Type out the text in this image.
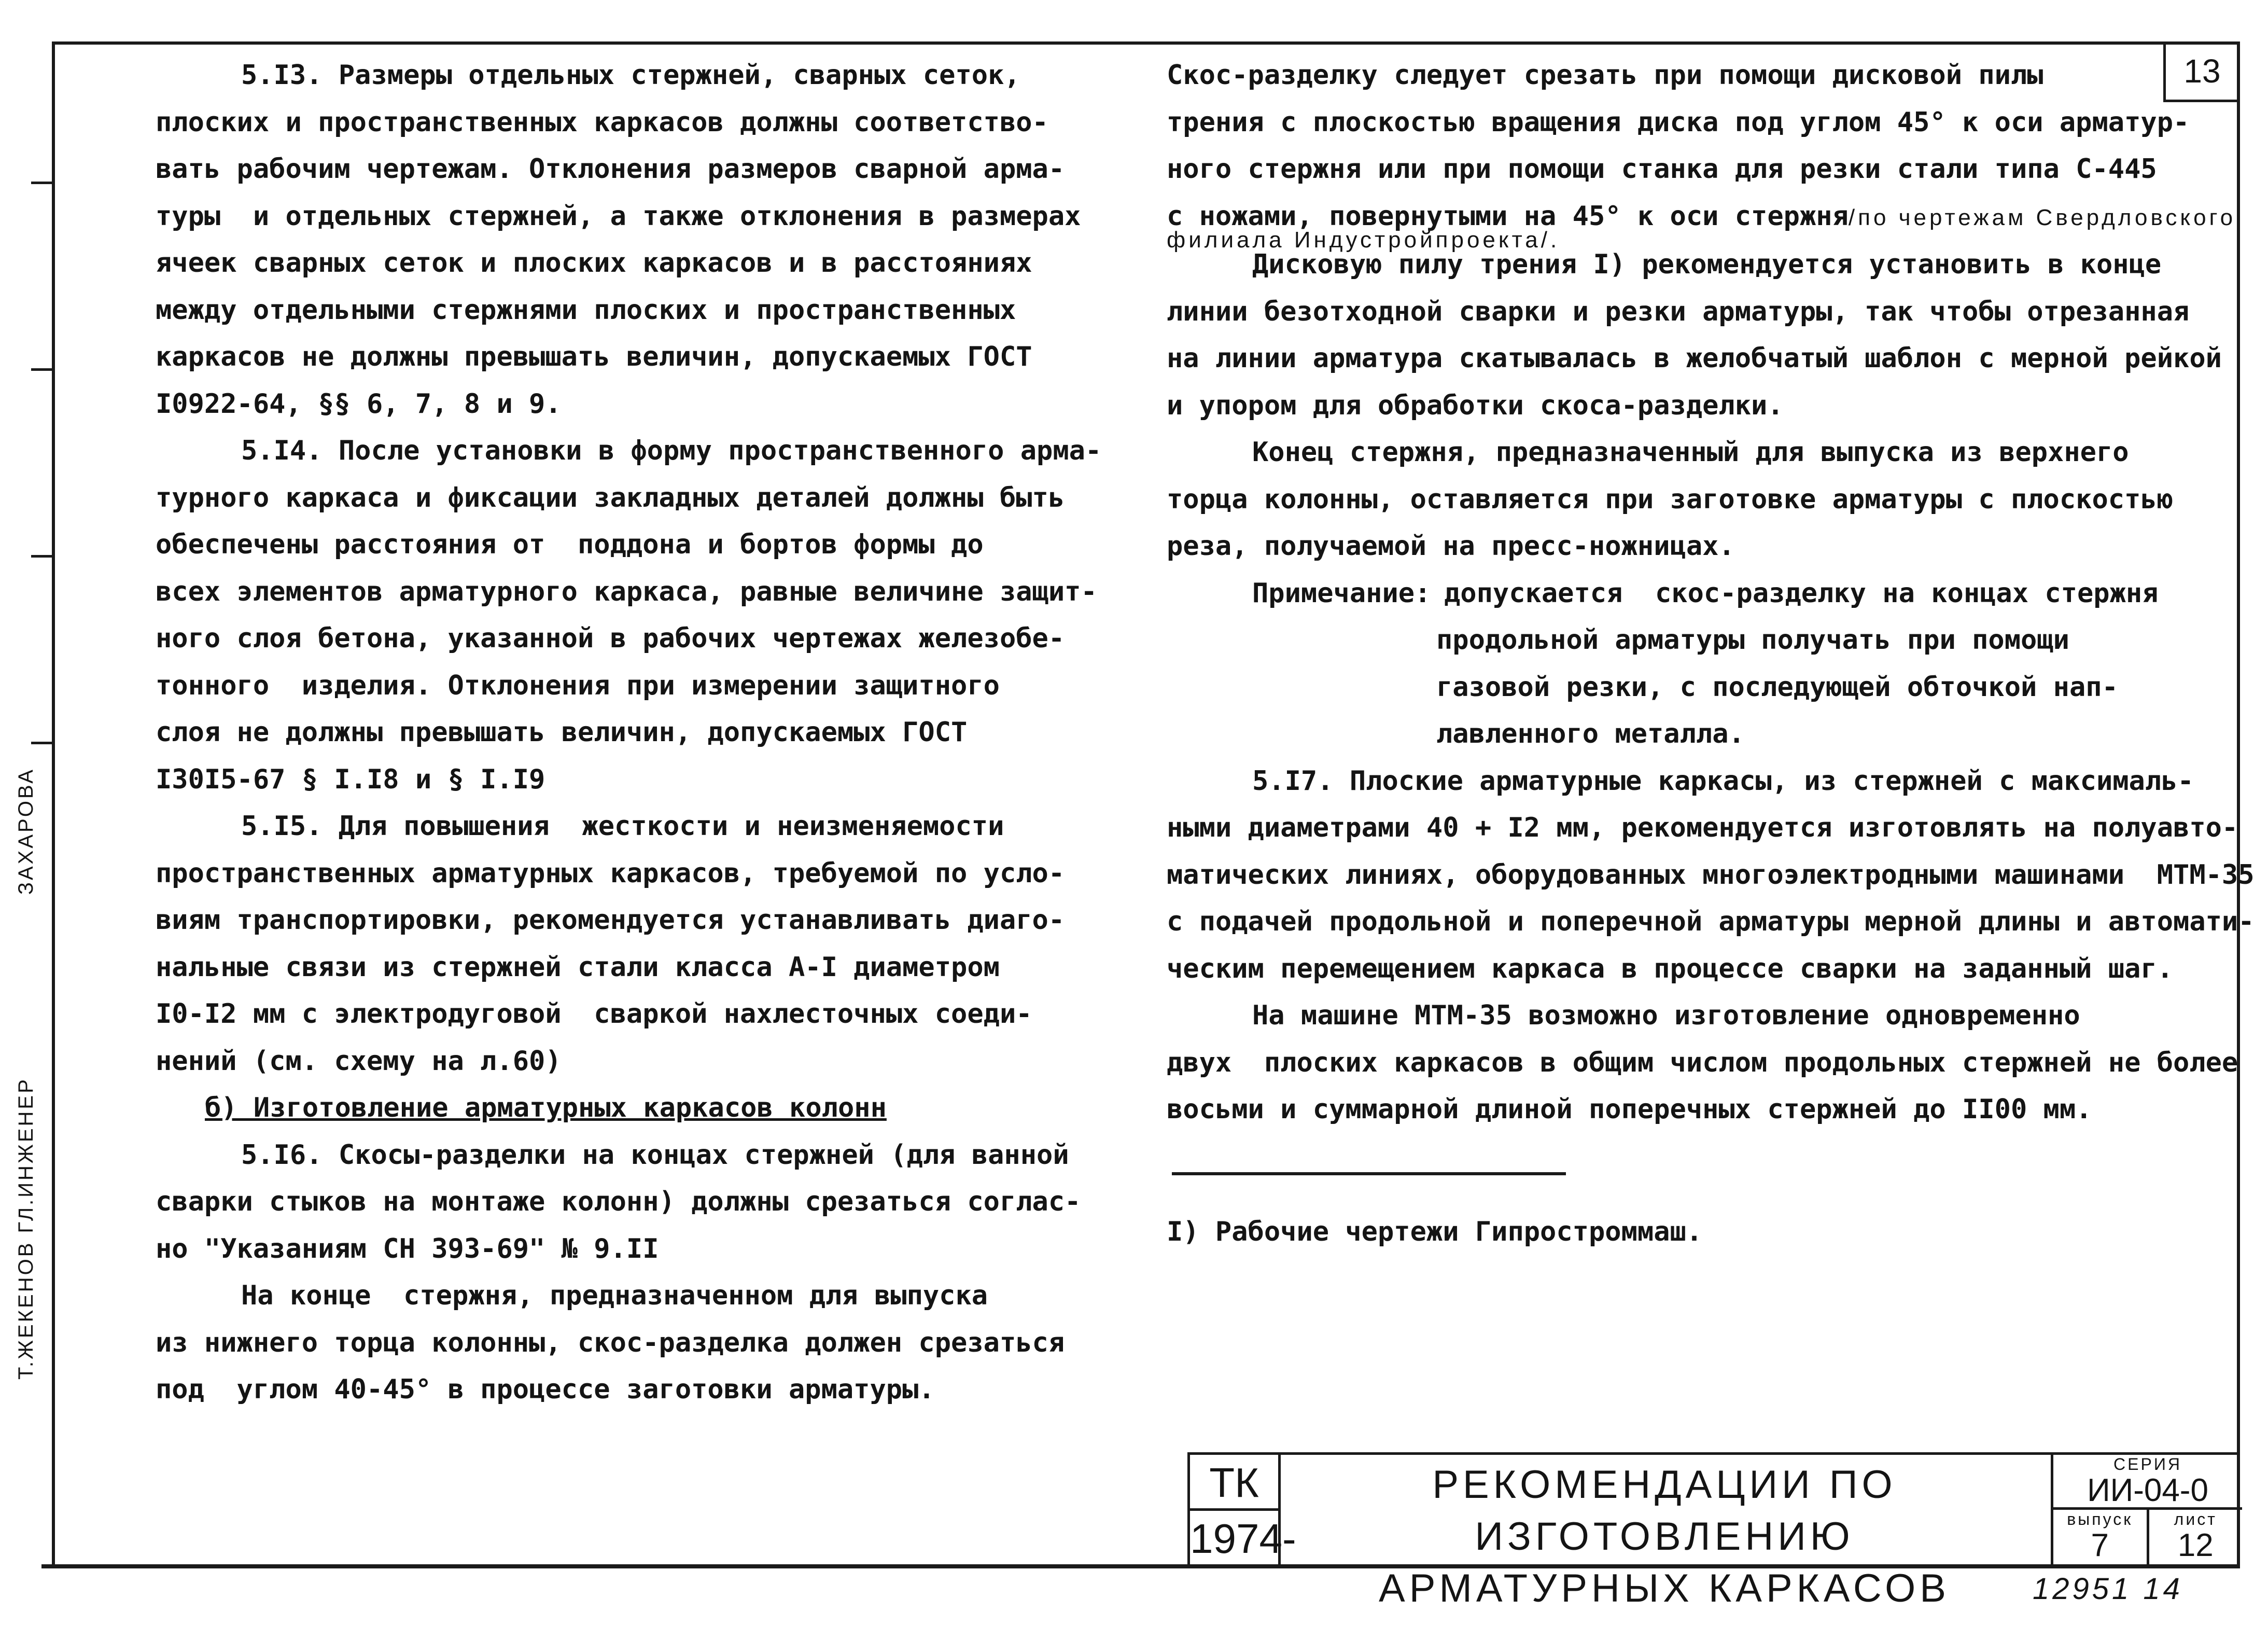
13
Т.ЖЕКЕНОВ ГЛ.ИНЖЕНЕР
ЗАХАРОВА
5.I3. Размеры отдельных стержней, сварных сеток,
плоских и пространственных каркасов должны соответство-
вать рабочим чертежам. Отклонения размеров сварной арма-
туры  и отдельных стержней, а также отклонения в размерах
ячеек сварных сеток и плоских каркасов и в расстояниях
между отдельными стержнями плоских и пространственных
каркасов не должны превышать величин, допускаемых ГОСТ
I0922-64, §§ 6, 7, 8 и 9.
5.I4. После установки в форму пространственного арма-
турного каркаса и фиксации закладных деталей должны быть
обеспечены расстояния от  поддона и бортов формы до
всех элементов арматурного каркаса, равные величине защит-
ного слоя бетона, указанной в рабочих чертежах железобе-
тонного  изделия. Отклонения при измерении защитного
слоя не должны превышать величин, допускаемых ГОСТ
I30I5-67 § I.I8 и § I.I9
5.I5. Для повышения  жесткости и неизменяемости
пространственных арматурных каркасов, требуемой по усло-
виям транспортировки, рекомендуется устанавливать диаго-
нальные связи из стержней стали класса А-I диаметром
I0-I2 мм с электродуговой  сваркой нахлесточных соеди-
нений (см. схему на л.60)
б) Изготовление арматурных каркасов колонн
5.I6. Скосы-разделки на концах стержней (для ванной
сварки стыков на монтаже колонн) должны срезаться соглас-
но "Указаниям СН 393-69" № 9.II
На конце  стержня, предназначенном для выпуска
из нижнего торца колонны, скос-разделка должен срезаться
под  углом 40-45° в процессе заготовки арматуры.
Скос-разделку следует срезать при помощи дисковой пилы
трения с плоскостью вращения диска под углом 45° к оси арматур-
ного стержня или при помощи станка для резки стали типа С-445
с ножами, повернутыми на 45° к оси стержня/по чертежам Свердловского
филиала Индустройпроекта/.
Дисковую пилу трения I) рекомендуется установить в конце
линии безотходной сварки и резки арматуры, так чтобы отрезанная
на линии арматура скатывалась в желобчатый шаблон с мерной рейкой
и упором для обработки скоса-разделки.
Конец стержня, предназначенный для выпуска из верхнего
торца колонны, оставляется при заготовке арматуры с плоскостью
реза, получаемой на пресс-ножницах.
Примечание: допускается  скос-разделку на концах стержня
продольной арматуры получать при помощи
газовой резки, с последующей обточкой нап-
лавленного металла.
5.I7. Плоские арматурные каркасы, из стержней с максималь-
ными диаметрами 40 + I2 мм, рекомендуется изготовлять на полуавто-
матических линиях, оборудованных многоэлектродными машинами  МТМ-35
с подачей продольной и поперечной арматуры мерной длины и автомати-
ческим перемещением каркаса в процессе сварки на заданный шаг.
На машине МТМ-35 возможно изготовление одновременно
двух  плоских каркасов в общим числом продольных стержней не более
восьми и суммарной длиной поперечных стержней до II00 мм.
I) Рабочие чертежи Гипростроммаш.
ТК
1974-
РЕКОМЕНДАЦИИ ПО ИЗГОТОВЛЕНИЮ
АРМАТУРНЫХ КАРКАСОВ
СЕРИЯ
ИИ-04-0
выпуск
7
лист
12
12951 14
